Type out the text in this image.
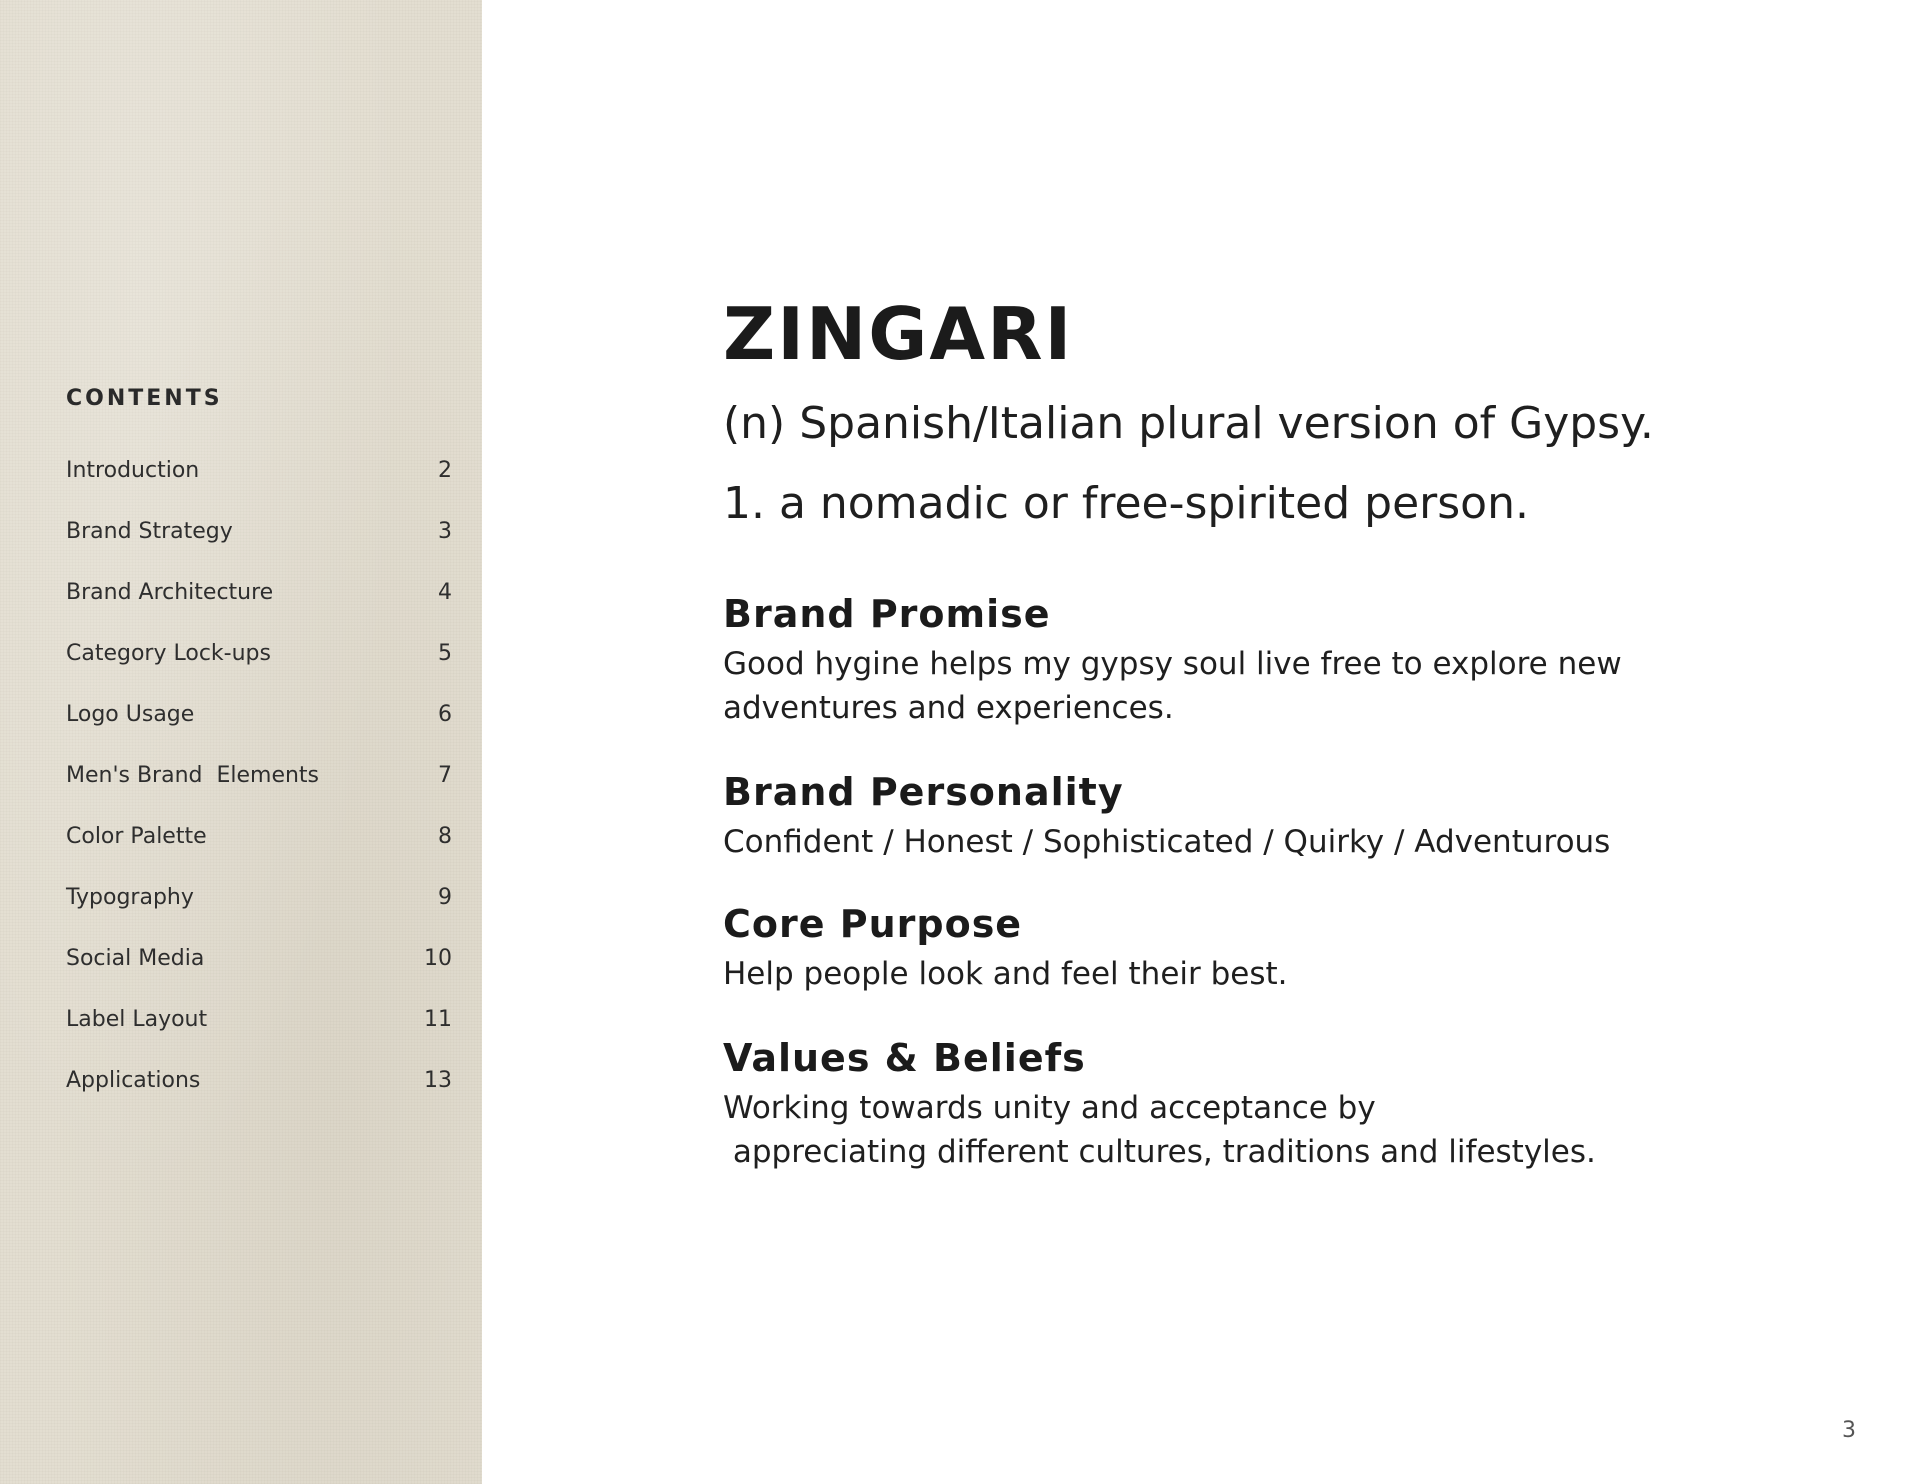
CONTENTS
Introduction	2
Brand Strategy	3
Brand Architecture	4
Category Lock-ups	5
Logo Usage	6
Men's Brand  Elements	7
Color Palette	8
Typography	9
Social Media	10
Label Layout	11
Applications	13
ZINGARI

(n) Spanish/Italian plural version of Gypsy.

1. a nomadic or free-spirited person.

Brand Promise

Good hygine helps my gypsy soul live free to explore new
adventures and experiences.

Brand Personality

Confident / Honest / Sophisticated / Quirky / Adventurous

Core Purpose

Help people look and feel their best.

Values & Beliefs

Working towards unity and acceptance by
appreciating different cultures, traditions and lifestyles.

3
